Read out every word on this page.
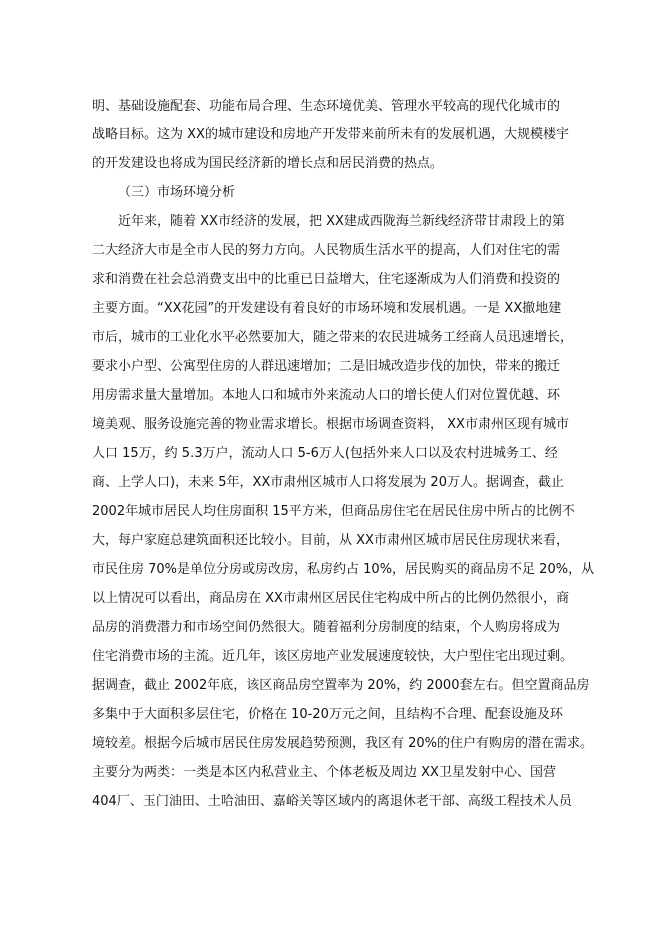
明、基础设施配套、功能布局合理、生态环境优美、管理水平较高的现代化城市的
战略目标。这为 XX的城市建设和房地产开发带来前所未有的发展机遇，大规模楼宇
的开发建设也将成为国民经济新的增长点和居民消费的热点。
（三）市场环境分析
近年来，随着 XX市经济的发展，把 XX建成西陇海兰新线经济带甘肃段上的第
二大经济大市是全市人民的努力方向。人民物质生活水平的提高，人们对住宅的需
求和消费在社会总消费支出中的比重已日益增大，住宅逐渐成为人们消费和投资的
主要方面。“XX花园”的开发建设有着良好的市场环境和发展机遇。一是 XX撤地建
市后，城市的工业化水平必然要加大，随之带来的农民进城务工经商人员迅速增长，
要求小户型、公寓型住房的人群迅速增加；二是旧城改造步伐的加快，带来的搬迁
用房需求量大量增加。本地人口和城市外来流动人口的增长使人们对位置优越、环
境美观、服务设施完善的物业需求增长。根据市场调查资料， XX市肃州区现有城市
人口 15万，约 5.3万户，流动人口 5-6万人(包括外来人口以及农村进城务工、经
商、上学人口)，未来 5年，XX市肃州区城市人口将发展为 20万人。据调查，截止
2002年城市居民人均住房面积 15平方米，但商品房住宅在居民住房中所占的比例不
大，每户家庭总建筑面积还比较小。目前，从 XX市肃州区城市居民住房现状来看，
市民住房 70%是单位分房或房改房，私房约占 10%，居民购买的商品房不足 20%，从
以上情况可以看出，商品房在 XX市肃州区居民住宅构成中所占的比例仍然很小，商
品房的消费潜力和市场空间仍然很大。随着福利分房制度的结束，个人购房将成为
住宅消费市场的主流。近几年，该区房地产业发展速度较快，大户型住宅出现过剩。
据调查，截止 2002年底，该区商品房空置率为 20%，约 2000套左右。但空置商品房
多集中于大面积多层住宅，价格在 10-20万元之间，且结构不合理、配套设施及环
境较差。根据今后城市居民住房发展趋势预测，我区有 20%的住户有购房的潜在需求。
主要分为两类：一类是本区内私营业主、个体老板及周边 XX卫星发射中心、国营
404厂、玉门油田、土哈油田、嘉峪关等区域内的离退休老干部、高级工程技术人员
